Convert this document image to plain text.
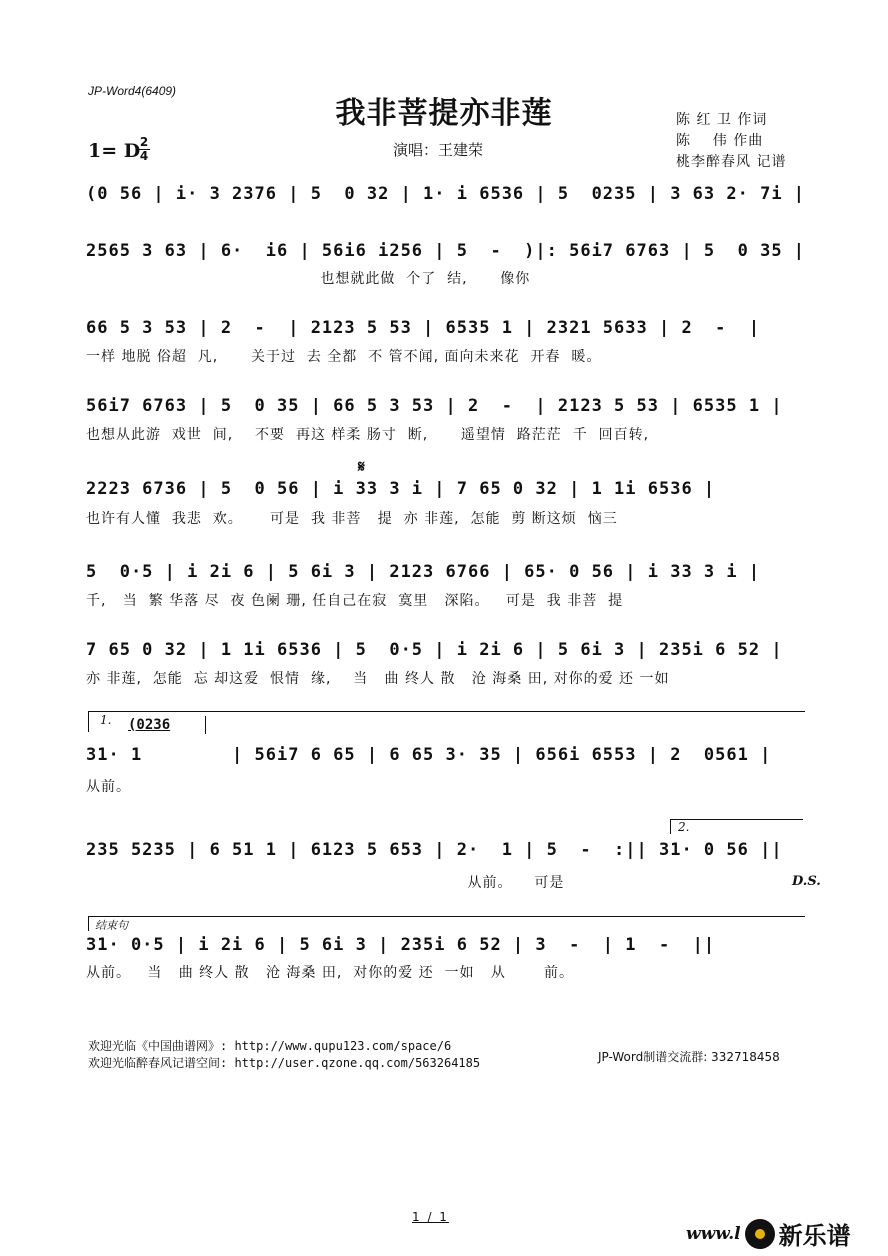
JP-Word4(6409)
我非菩提亦非莲
1= D 2
4	演唱：王建荣
陈 红 卫 作词
陈    伟 作曲
桃李醉春风 记谱
(0 56 | i· 3 2376 | 5  0 32 | 1· i 6536 | 5  0235 | 3 63 2· 7i |
2565 3 63 | 6·  i6 | 56i6 i256 | 5  -  )|: 56i7 6763 | 5  0 35 |
也想就此做  个了  结,      像你
66 5 3 53 | 2  -  | 2123 5 53 | 6535 1 | 2321 5633 | 2  -  |
一样 地脱 俗超  凡,      关于过  去 全都  不 管不闻, 面向未来花  开春  暖。
56i7 6763 | 5  0 35 | 66 5 3 53 | 2  -  | 2123 5 53 | 6535 1 |
也想从此游  戏世  间,    不要  再这 样柔 肠寸  断,      遥望情  路茫茫  千  回百转,
𝄋
2223 6736 | 5  0 56 | i 33 3 i | 7 65 0 32 | 1 1i 6536 |
也许有人懂  我悲  欢。     可是  我 非菩   提  亦 非莲,  怎能  剪 断这烦  恼三
5  0·5 | i 2i 6 | 5 6i 3 | 2123 6766 | 65· 0 56 | i 33 3 i |
千,   当  繁 华落 尽  夜 色阑 珊, 任自己在寂  寞里   深陷。   可是  我 非菩  提
7 65 0 32 | 1 1i 6536 | 5  0·5 | i 2i 6 | 5 6i 3 | 235i 6 52 |
亦 非莲,  怎能  忘 却这爱  恨情  缘,    当   曲 终人 散   沧 海桑 田, 对你的爱 还 一如
1. (0236
31· 1        | 56i7 6 65 | 6 65 3· 35 | 656i 6553 | 2  0561 |
从前。
2.
235 5235 | 6 51 1 | 6123 5 653 | 2·  1 | 5  -  :|| 31· 0 56 ||
从前。    可是	D.S.
结束句
31· 0·5 | i 2i 6 | 5 6i 3 | 235i 6 52 | 3  -  | 1  -  ||
从前。   当   曲 终人 散   沧 海桑 田,  对你的爱 还  一如   从       前。
欢迎光临《中国曲谱网》: http://www.qupu123.com/space/6
欢迎光临醉春风记谱空间: http://user.qzone.qq.com/563264185	JP-Word制谱交流群: 332718458
1 / 1
www.l 新乐谱
